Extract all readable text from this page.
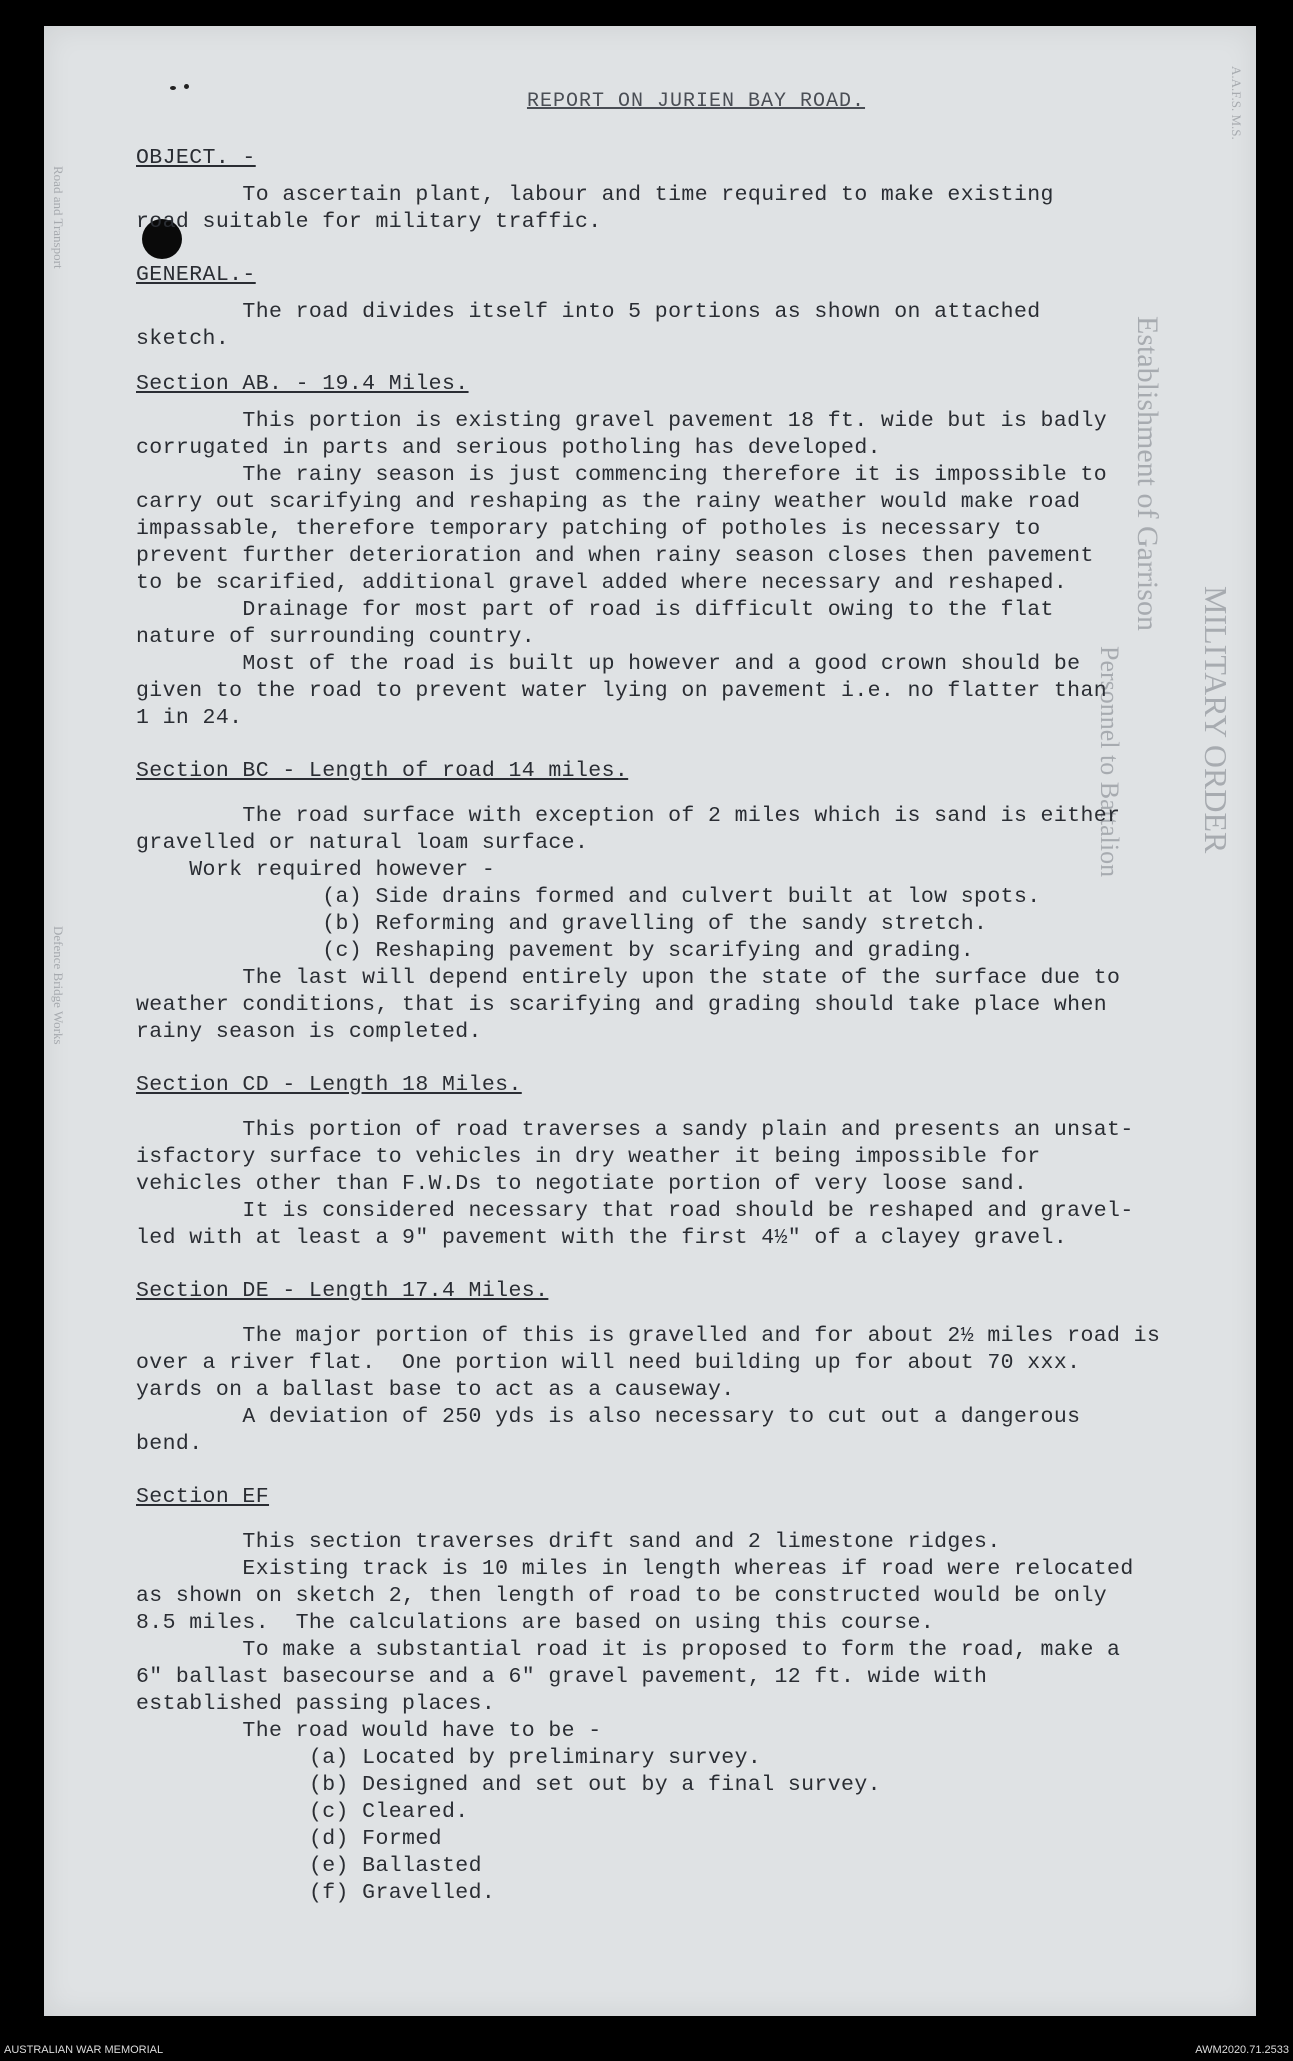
MILITARY ORDER
Establishment of Garrison
Personnel to Battalion
Road and Transport
Defence Bridge Works
A.A.F.S. M.S.

REPORT ON JURIEN BAY ROAD.

OBJECT. -

To ascertain plant, labour and time required to make existing
road suitable for military traffic.

GENERAL.-

The road divides itself into 5 portions as shown on attached
sketch.

Section AB. - 19.4 Miles.

This portion is existing gravel pavement 18 ft. wide but is badly
corrugated in parts and serious potholing has developed.
The rainy season is just commencing therefore it is impossible to
carry out scarifying and reshaping as the rainy weather would make road
impassable, therefore temporary patching of potholes is necessary to
prevent further deterioration and when rainy season closes then pavement
to be scarified, additional gravel added where necessary and reshaped.
Drainage for most part of road is difficult owing to the flat
nature of surrounding country.
Most of the road is built up however and a good crown should be
given to the road to prevent water lying on pavement i.e. no flatter than
1 in 24.

Section BC - Length of road 14 miles.

The road surface with exception of 2 miles which is sand is either
gravelled or natural loam surface.
Work required however -
(a) Side drains formed and culvert built at low spots.
(b) Reforming and gravelling of the sandy stretch.
(c) Reshaping pavement by scarifying and grading.
The last will depend entirely upon the state of the surface due to
weather conditions, that is scarifying and grading should take place when
rainy season is completed.

Section CD - Length 18 Miles.

This portion of road traverses a sandy plain and presents an unsat-
isfactory surface to vehicles in dry weather it being impossible for
vehicles other than F.W.Ds to negotiate portion of very loose sand.
It is considered necessary that road should be reshaped and gravel-
led with at least a 9" pavement with the first 4½" of a clayey gravel.

Section DE - Length 17.4 Miles.

The major portion of this is gravelled and for about 2½ miles road is
over a river flat.  One portion will need building up for about 70 xxx.
yards on a ballast base to act as a causeway.
A deviation of 250 yds is also necessary to cut out a dangerous
bend.

Section EF

This section traverses drift sand and 2 limestone ridges.
Existing track is 10 miles in length whereas if road were relocated
as shown on sketch 2, then length of road to be constructed would be only
8.5 miles.  The calculations are based on using this course.
To make a substantial road it is proposed to form the road, make a
6" ballast basecourse and a 6" gravel pavement, 12 ft. wide with
established passing places.
The road would have to be -
(a) Located by preliminary survey.
(b) Designed and set out by a final survey.
(c) Cleared.
(d) Formed
(e) Ballasted
(f) Gravelled.

AUSTRALIAN WAR MEMORIAL	AWM2020.71.2533
